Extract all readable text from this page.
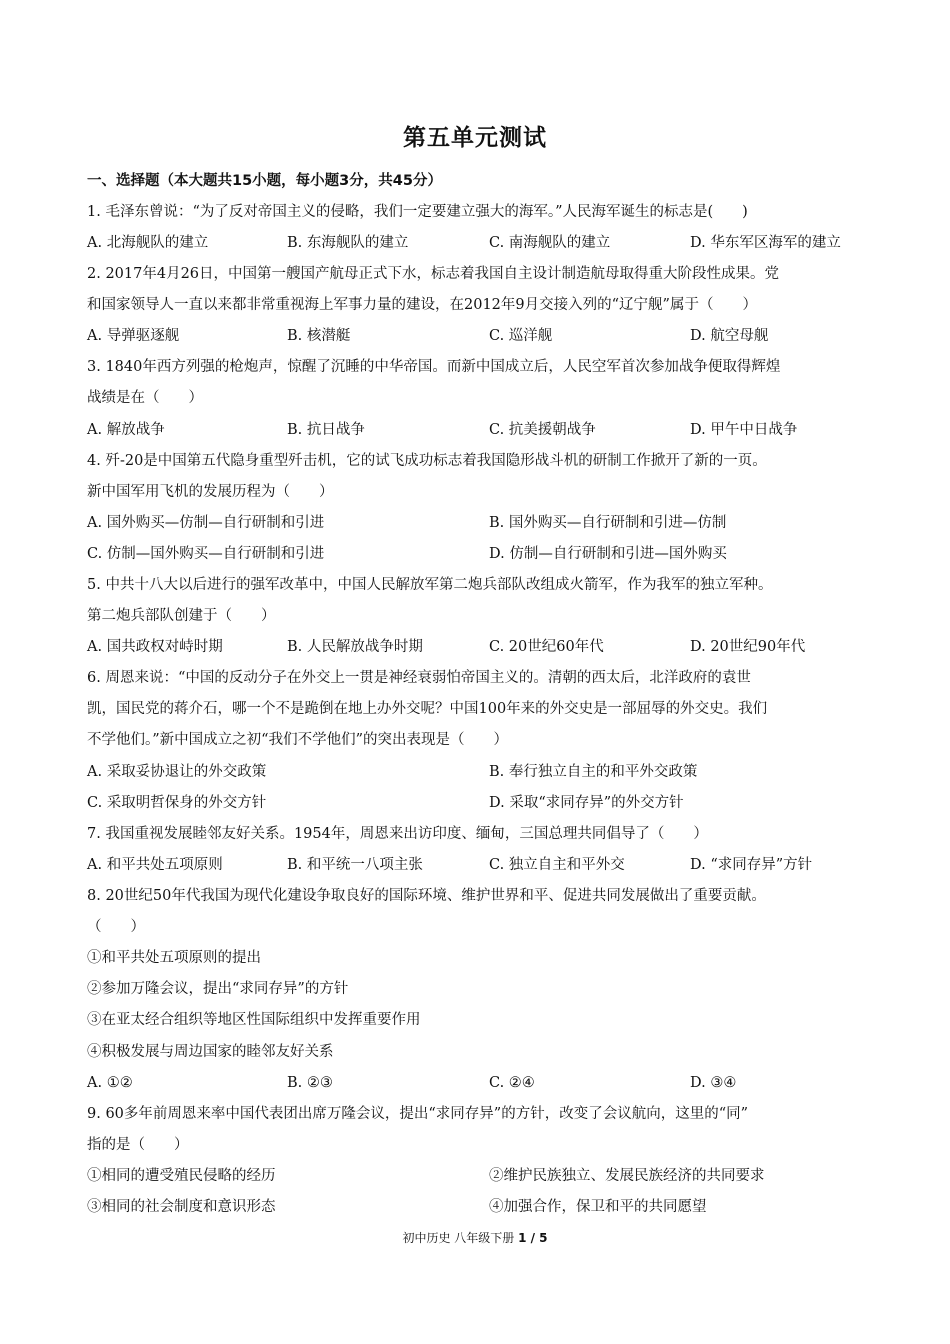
第五单元测试
一、选择题（本大题共15小题，每小题3分，共45分）
1. 毛泽东曾说：“为了反对帝国主义的侵略，我们一定要建立强大的海军。”人民海军诞生的标志是(　　)
A. 北海舰队的建立	B. 东海舰队的建立	C. 南海舰队的建立	D. 华东军区海军的建立
2. 2017年4月26日，中国第一艘国产航母正式下水，标志着我国自主设计制造航母取得重大阶段性成果。党
和国家领导人一直以来都非常重视海上军事力量的建设，在2012年9月交接入列的“辽宁舰”属于（　　）
A. 导弹驱逐舰	B. 核潜艇	C. 巡洋舰	D. 航空母舰
3. 1840年西方列强的枪炮声，惊醒了沉睡的中华帝国。而新中国成立后，人民空军首次参加战争便取得辉煌
战绩是在（　　）
A. 解放战争	B. 抗日战争	C. 抗美援朝战争	D. 甲午中日战争
4. 歼-20是中国第五代隐身重型歼击机，它的试飞成功标志着我国隐形战斗机的研制工作掀开了新的一页。
新中国军用飞机的发展历程为（　　）
A. 国外购买—仿制—自行研制和引进	B. 国外购买—自行研制和引进—仿制
C. 仿制—国外购买—自行研制和引进	D. 仿制—自行研制和引进—国外购买
5. 中共十八大以后进行的强军改革中，中国人民解放军第二炮兵部队改组成火箭军，作为我军的独立军种。
第二炮兵部队创建于（　　）
A. 国共政权对峙时期	B. 人民解放战争时期	C. 20世纪60年代	D. 20世纪90年代
6. 周恩来说：“中国的反动分子在外交上一贯是神经衰弱怕帝国主义的。清朝的西太后，北洋政府的袁世
凯，国民党的蒋介石，哪一个不是跪倒在地上办外交呢？中国100年来的外交史是一部屈辱的外交史。我们
不学他们。”新中国成立之初“我们不学他们”的突出表现是（　　）
A. 采取妥协退让的外交政策	B. 奉行独立自主的和平外交政策
C. 采取明哲保身的外交方针	D. 采取“求同存异”的外交方针
7. 我国重视发展睦邻友好关系。1954年，周恩来出访印度、缅甸，三国总理共同倡导了（　　）
A. 和平共处五项原则	B. 和平统一八项主张	C. 独立自主和平外交	D. “求同存异”方针
8. 20世纪50年代我国为现代化建设争取良好的国际环境、维护世界和平、促进共同发展做出了重要贡献。
（　　）
①和平共处五项原则的提出
②参加万隆会议，提出“求同存异”的方针
③在亚太经合组织等地区性国际组织中发挥重要作用
④积极发展与周边国家的睦邻友好关系
A. ①②	B. ②③	C. ②④	D. ③④
9. 60多年前周恩来率中国代表团出席万隆会议，提出“求同存异”的方针，改变了会议航向，这里的“同”
指的是（　　）
①相同的遭受殖民侵略的经历	②维护民族独立、发展民族经济的共同要求
③相同的社会制度和意识形态	④加强合作，保卫和平的共同愿望
初中历史 八年级下册 1 / 5
